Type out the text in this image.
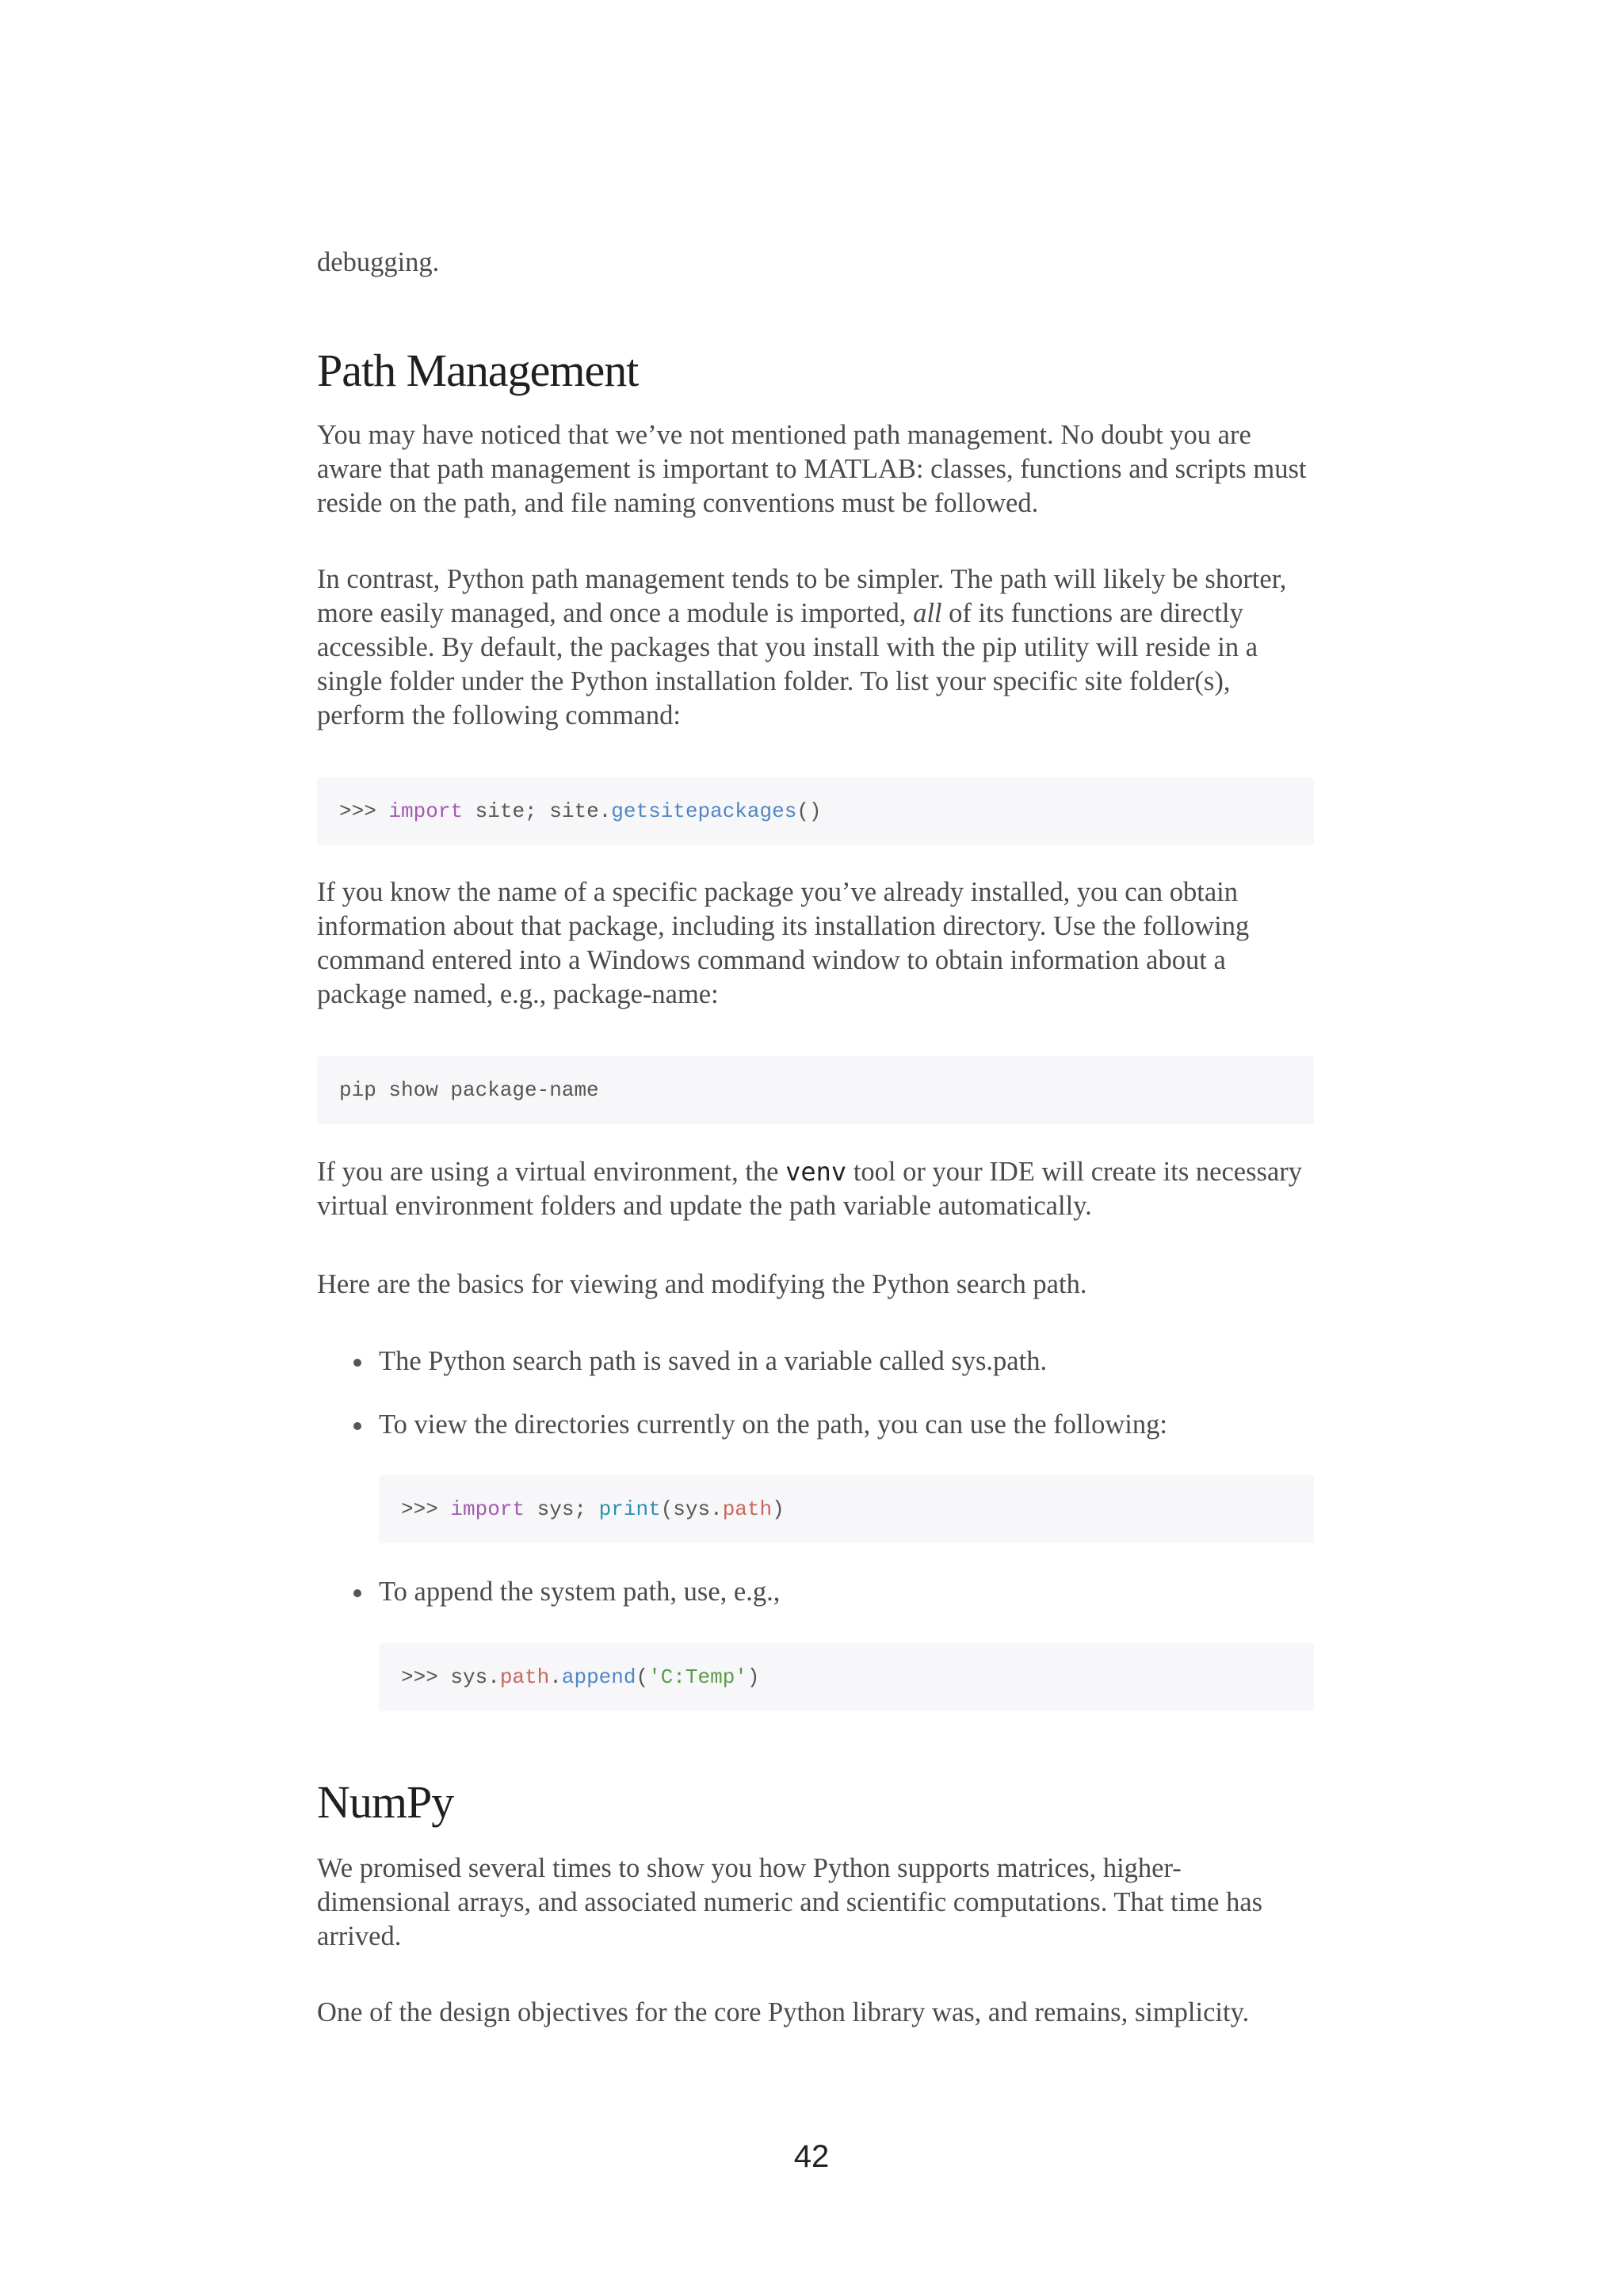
debugging.

Path Management

You may have noticed that we’ve not mentioned path management. No doubt you are aware that path management is important to MATLAB: classes, functions and scripts must reside on the path, and file naming conventions must be followed.

In contrast, Python path management tends to be simpler. The path will likely be shorter, more easily managed, and once a module is imported, all of its functions are directly accessible. By default, the packages that you install with the pip utility will reside in a single folder under the Python installation folder. To list your specific site folder(s), perform the following command:

>>> import site; site. getsitepackages ()

If you know the name of a specific package you’ve already installed, you can obtain information about that package, including its installation directory. Use the following command entered into a Windows command window to obtain information about a package named, e.g., package-name:

pip show package-name

If you are using a virtual environment, the venv tool or your IDE will create its necessary virtual environment folders and update the path variable automatically.

Here are the basics for viewing and modifying the Python search path.

The Python search path is saved in a variable called sys.path.
To view the directories currently on the path, you can use the following:
>>> import sys; print (sys. path )
To append the system path, use, e.g.,
>>> sys. path . append ( 'C:Temp' )
NumPy

We promised several times to show you how Python supports matrices, higher-dimensional arrays, and associated numeric and scientific computations. That time has arrived.

One of the design objectives for the core Python library was, and remains, simplicity.

42
